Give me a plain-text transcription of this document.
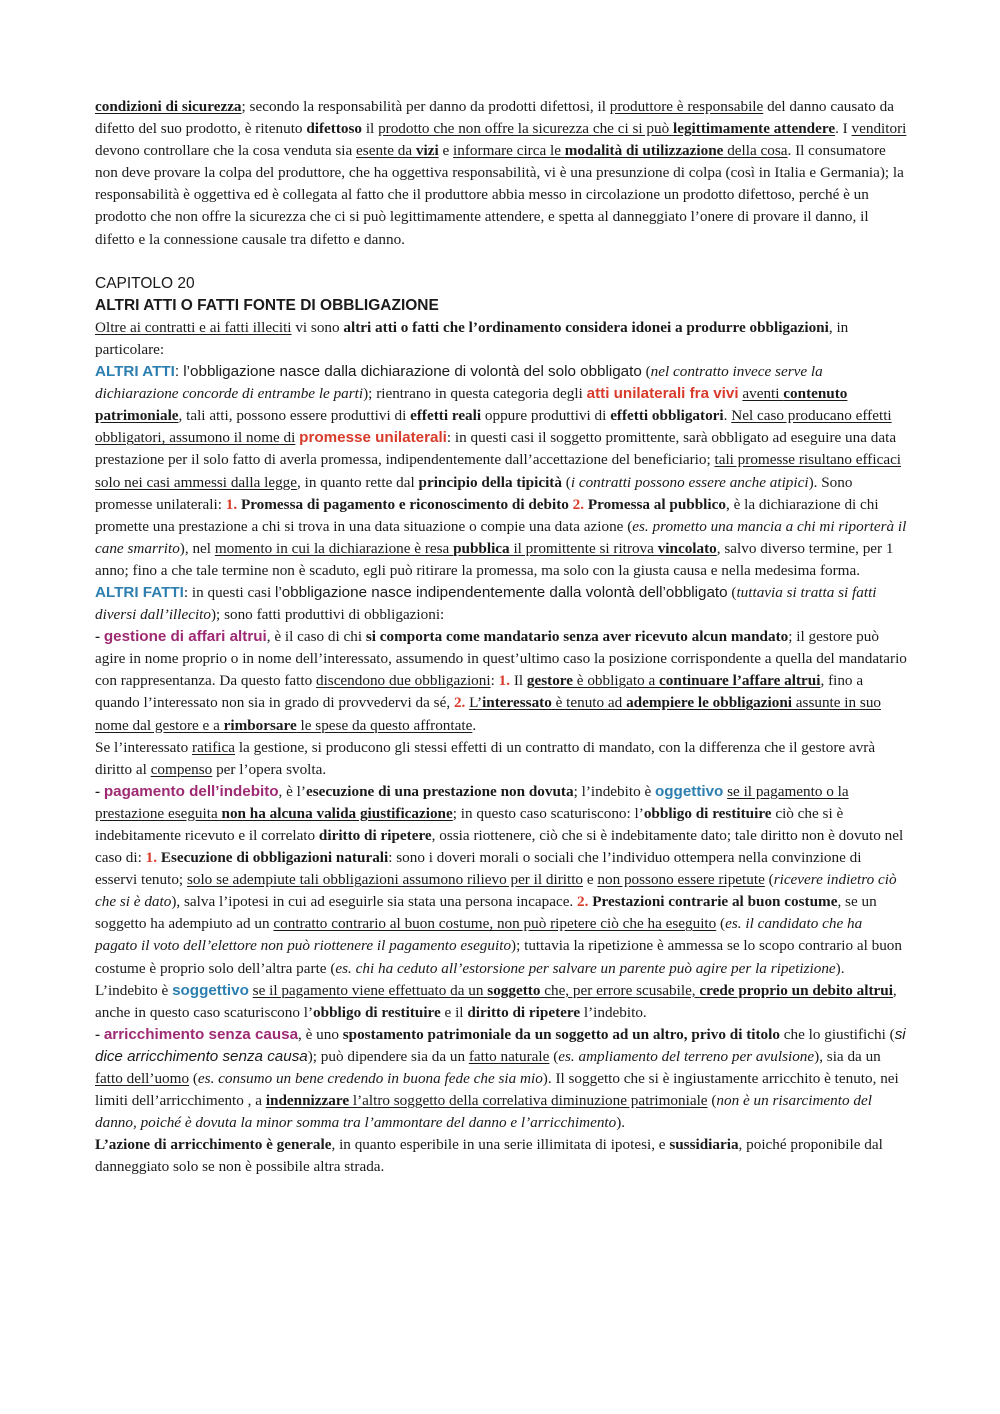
condizioni di sicurezza; secondo la responsabilità per danno da prodotti difettosi, il produttore è responsabile del danno causato da difetto del suo prodotto, è ritenuto difettoso il prodotto che non offre la sicurezza che ci si può legittimamente attendere. I venditori devono controllare che la cosa venduta sia esente da vizi e informare circa le modalità di utilizzazione della cosa. Il consumatore non deve provare la colpa del produttore, che ha oggettiva responsabilità, vi è una presunzione di colpa (così in Italia e Germania); la responsabilità è oggettiva ed è collegata al fatto che il produttore abbia messo in circolazione un prodotto difettoso, perché è un prodotto che non offre la sicurezza che ci si può legittimamente attendere, e spetta al danneggiato l’onere di provare il danno, il difetto e la connessione causale tra difetto e danno.

CAPITOLO 20

ALTRI ATTI O FATTI FONTE DI OBBLIGAZIONE

Oltre ai contratti e ai fatti illeciti vi sono altri atti o fatti che l’ordinamento considera idonei a produrre obbligazioni, in particolare:

ALTRI ATTI: l’obbligazione nasce dalla dichiarazione di volontà del solo obbligato (nel contratto invece serve la dichiarazione concorde di entrambe le parti); rientrano in questa categoria degli atti unilaterali fra vivi aventi contenuto patrimoniale, tali atti, possono essere produttivi di effetti reali oppure produttivi di effetti obbligatori. Nel caso producano effetti obbligatori, assumono il nome di promesse unilaterali: in questi casi il soggetto promittente, sarà obbligato ad eseguire una data prestazione per il solo fatto di averla promessa, indipendentemente dall’accettazione del beneficiario; tali promesse risultano efficaci solo nei casi ammessi dalla legge, in quanto rette dal principio della tipicità (i contratti possono essere anche atipici). Sono promesse unilaterali: 1. Promessa di pagamento e riconoscimento di debito 2. Promessa al pubblico, è la dichiarazione di chi promette una prestazione a chi si trova in una data situazione o compie una data azione (es. prometto una mancia a chi mi riporterà il cane smarrito), nel momento in cui la dichiarazione è resa pubblica il promittente si ritrova vincolato, salvo diverso termine, per 1 anno; fino a che tale termine non è scaduto, egli può ritirare la promessa, ma solo con la giusta causa e nella medesima forma.

ALTRI FATTI: in questi casi l’obbligazione nasce indipendentemente dalla volontà dell’obbligato (tuttavia si tratta si fatti diversi dall’illecito); sono fatti produttivi di obbligazioni:

- gestione di affari altrui, è il caso di chi si comporta come mandatario senza aver ricevuto alcun mandato; il gestore può agire in nome proprio o in nome dell’interessato, assumendo in quest’ultimo caso la posizione corrispondente a quella del mandatario con rappresentanza. Da questo fatto discendono due obbligazioni: 1. Il gestore è obbligato a continuare l’affare altrui, fino a quando l’interessato non sia in grado di provvedervi da sé, 2. L’interessato è tenuto ad adempiere le obbligazioni assunte in suo nome dal gestore e a rimborsare le spese da questo affrontate.

Se l’interessato ratifica la gestione, si producono gli stessi effetti di un contratto di mandato, con la differenza che il gestore avrà diritto al compenso per l’opera svolta.

- pagamento dell’indebito, è l’esecuzione di una prestazione non dovuta; l’indebito è oggettivo se il pagamento o la prestazione eseguita non ha alcuna valida giustificazione; in questo caso scaturiscono: l’obbligo di restituire ciò che si è indebitamente ricevuto e il correlato diritto di ripetere, ossia riottenere, ciò che si è indebitamente dato; tale diritto non è dovuto nel caso di: 1. Esecuzione di obbligazioni naturali: sono i doveri morali o sociali che l’individuo ottempera nella convinzione di esservi tenuto; solo se adempiute tali obbligazioni assumono rilievo per il diritto e non possono essere ripetute (ricevere indietro ciò che si è dato), salva l’ipotesi in cui ad eseguirle sia stata una persona incapace. 2. Prestazioni contrarie al buon costume, se un soggetto ha adempiuto ad un contratto contrario al buon costume, non può ripetere ciò che ha eseguito (es. il candidato che ha pagato il voto dell’elettore non può riottenere il pagamento eseguito); tuttavia la ripetizione è ammessa se lo scopo contrario al buon costume è proprio solo dell’altra parte (es. chi ha ceduto all’estorsione per salvare un parente può agire per la ripetizione).

L’indebito è soggettivo se il pagamento viene effettuato da un soggetto che, per errore scusabile, crede proprio un debito altrui, anche in questo caso scaturiscono l’obbligo di restituire e il diritto di ripetere l’indebito.

- arricchimento senza causa, è uno spostamento patrimoniale da un soggetto ad un altro, privo di titolo che lo giustifichi (si dice arricchimento senza causa); può dipendere sia da un fatto naturale (es. ampliamento del terreno per avulsione), sia da un fatto dell’uomo (es. consumo un bene credendo in buona fede che sia mio). Il soggetto che si è ingiustamente arricchito è tenuto, nei limiti dell’arricchimento , a indennizzare l’altro soggetto della correlativa diminuzione patrimoniale (non è un risarcimento del danno, poiché è dovuta la minor somma tra l’ammontare del danno e l’arricchimento).

L’azione di arricchimento è generale, in quanto esperibile in una serie illimitata di ipotesi, e sussidiaria, poiché proponibile dal danneggiato solo se non è possibile altra strada.
